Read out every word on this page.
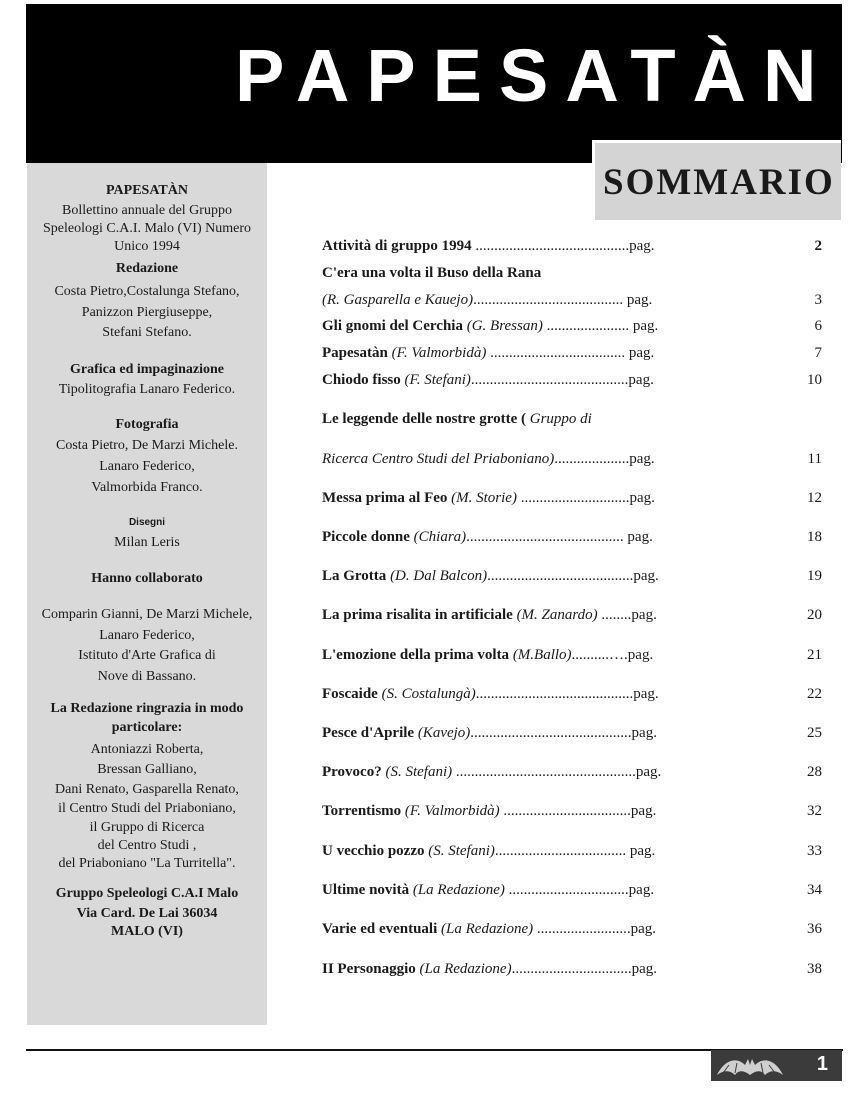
PAPESATÀN
SOMMARIO
PAPESATÀN
Bollettino annuale del Gruppo
Speleologi C.A.I. Malo (VI) Numero
Unico 1994
Redazione
Costa Pietro,Costalunga Stefano,
Panizzon Piergiuseppe,
Stefani Stefano.
Grafica ed impaginazione
Tipolitografia Lanaro Federico.
Fotografia
Costa Pietro, De Marzi Michele.
Lanaro Federico,
Valmorbida Franco.
Disegni
Milan Leris
Hanno collaborato
Comparin Gianni, De Marzi Michele,
Lanaro Federico,
Istituto d'Arte Grafica di
Nove di Bassano.
La Redazione ringrazia in modo
particolare:
Antoniazzi Roberta,
Bressan Galliano,
Dani Renato, Gasparella Renato,
il Centro Studi del Priaboniano,
il Gruppo di Ricerca
del Centro Studi ,
del Priaboniano "La Turritella".
Gruppo Speleologi C.A.I Malo
Via Card. De Lai 36034
MALO (VI)
Attività di gruppo 1994 .........................................pag.	2
C'era una volta il Buso della Rana
(R. Gasparella e Kauejo)........................................ pag.	3
Gli gnomi del Cerchia (G. Bressan) ...................... pag.	6
Papesatàn (F. Valmorbidà) .................................... pag.	7
Chiodo fisso (F. Stefani)..........................................pag.	10
Le leggende delle nostre grotte ( Gruppo di
Ricerca Centro Studi del Priaboniano)....................pag.	11
Messa prima al Feo (M. Storie) .............................pag.	12
Piccole donne (Chiara).......................................... pag.	18
La Grotta (D. Dal Balcon).......................................pag.	19
La prima risalita in artificiale (M. Zanardo) ........pag.	20
L'emozione della prima volta (M.Ballo)..........….pag.	21
Foscaide (S. Costalungà)..........................................pag.	22
Pesce d'Aprile (Kavejo)...........................................pag.	25
Provoco? (S. Stefani) ................................................pag.	28
Torrentismo (F. Valmorbidà) ..................................pag.	32
U vecchio pozzo (S. Stefani)................................... pag.	33
Ultime novità (La Redazione) ................................pag.	34
Varie ed eventuali (La Redazione) .........................pag.	36
II Personaggio (La Redazione)................................pag.	38
1
